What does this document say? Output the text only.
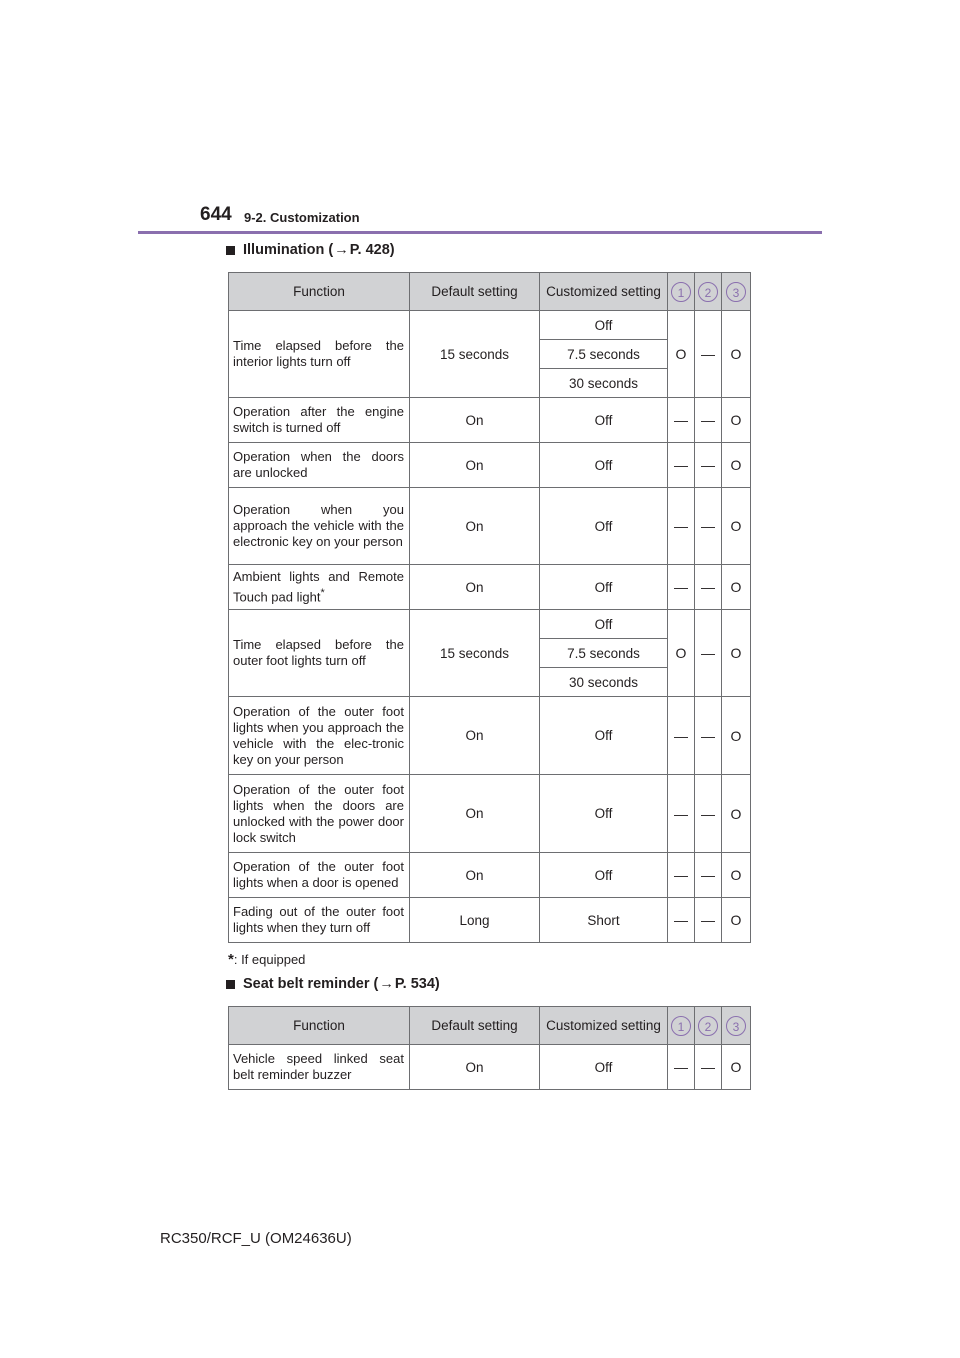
644 9-2. Customization
Illumination ( → P. 428)
Function	Default setting	Customized setting	1	2	3
Time elapsed before the interior lights turn off	15 seconds	Off	O	—	O
		7.5 seconds			
		30 seconds			
Operation after the engine switch is turned off	On	Off	—	—	O
Operation when the doors are unlocked	On	Off	—	—	O
Operation when you approach the vehicle with the electronic key on your person	On	Off	—	—	O
Ambient lights and Remote Touch pad light*	On	Off	—	—	O
Time elapsed before the outer foot lights turn off	15 seconds	Off	O	—	O
		7.5 seconds			
		30 seconds			
Operation of the outer foot lights when you approach the vehicle with the elec-tronic key on your person	On	Off	—	—	O
Operation of the outer foot lights when the doors are unlocked with the power door lock switch	On	Off	—	—	O
Operation of the outer foot lights when a door is opened	On	Off	—	—	O
Fading out of the outer foot lights when they turn off	Long	Short	—	—	O
*: If equipped
Seat belt reminder ( → P. 534)
Function	Default setting	Customized setting	1	2	3
Vehicle speed linked seat belt reminder buzzer	On	Off	—	—	O
RC350/RCF_U (OM24636U)
